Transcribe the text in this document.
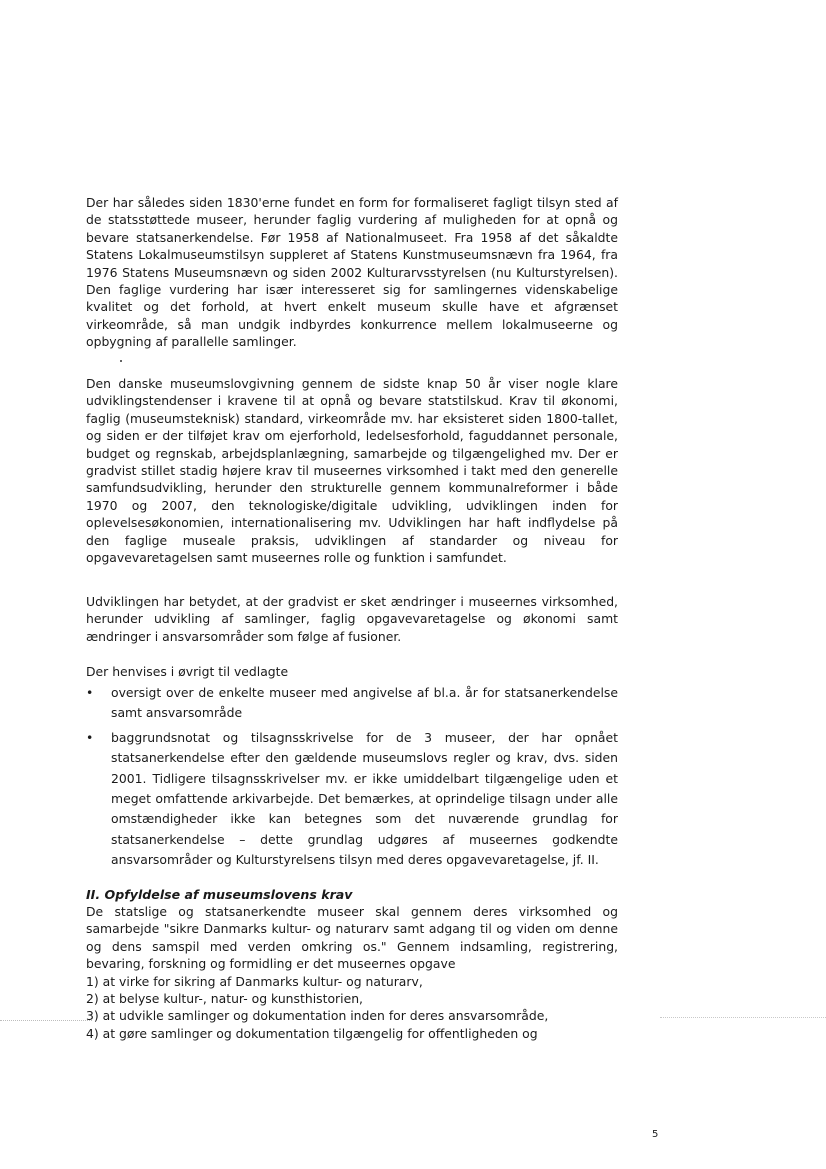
Der har således siden 1830'erne fundet en form for formaliseret fagligt tilsyn sted af de statsstøttede museer, herunder faglig vurdering af muligheden for at opnå og bevare statsanerkendelse. Før 1958 af Nationalmuseet. Fra 1958 af det såkaldte Statens Lokalmuseumstilsyn suppleret af Statens Kunstmuseumsnævn fra 1964, fra 1976 Statens Museumsnævn og siden 2002 Kulturarvsstyrelsen (nu Kulturstyrelsen). Den faglige vurdering har især interesseret sig for samlingernes videnskabelige kvalitet og det forhold, at hvert enkelt museum skulle have et afgrænset virkeområde, så man undgik indbyrdes konkurrence mellem lokalmuseerne og opbygning af parallelle samlinger.

Den danske museumslovgivning gennem de sidste knap 50 år viser nogle klare udviklingstendenser i kravene til at opnå og bevare statstilskud. Krav til økonomi, faglig (museumsteknisk) standard, virkeområde mv. har eksisteret siden 1800-tallet, og siden er der tilføjet krav om ejerforhold, ledelsesforhold, faguddannet personale, budget og regnskab, arbejdsplanlægning, samarbejde og tilgængelighed mv. Der er gradvist stillet stadig højere krav til museernes virksomhed i takt med den generelle samfundsudvikling, herunder den strukturelle gennem kommunalreformer i både 1970 og 2007, den teknologiske/digitale udvikling, udviklingen inden for oplevelsesøkonomien, internationalisering mv. Udviklingen har haft indflydelse på den faglige museale praksis, udviklingen af standarder og niveau for opgavevaretagelsen samt museernes rolle og funktion i samfundet.

Udviklingen har betydet, at der gradvist er sket ændringer i museernes virksomhed, herunder udvikling af samlinger, faglig opgavevaretagelse og økonomi samt ændringer i ansvarsområder som følge af fusioner.

Der henvises i øvrigt til vedlagte

• oversigt over de enkelte museer med angivelse af bl.a. år for statsanerkendelse samt ansvarsområde
• baggrundsnotat og tilsagnsskrivelse for de 3 museer, der har opnået statsanerkendelse efter den gældende museumslovs regler og krav, dvs. siden 2001. Tidligere tilsagnsskrivelser mv. er ikke umiddelbart tilgængelige uden et meget omfattende arkivarbejde. Det bemærkes, at oprindelige tilsagn under alle omstændigheder ikke kan betegnes som det nuværende grundlag for statsanerkendelse – dette grundlag udgøres af museernes godkendte ansvarsområder og Kulturstyrelsens tilsyn med deres opgavevaretagelse, jf. II.
II. Opfyldelse af museumslovens krav

De statslige og statsanerkendte museer skal gennem deres virksomhed og samarbejde "sikre Danmarks kultur- og naturarv samt adgang til og viden om denne og dens samspil med verden omkring os." Gennem indsamling, registrering, bevaring, forskning og formidling er det museernes opgave

1) at virke for sikring af Danmarks kultur- og naturarv,
2) at belyse kultur-, natur- og kunsthistorien,
3) at udvikle samlinger og dokumentation inden for deres ansvarsområde,
4) at gøre samlinger og dokumentation tilgængelig for offentligheden og
5
